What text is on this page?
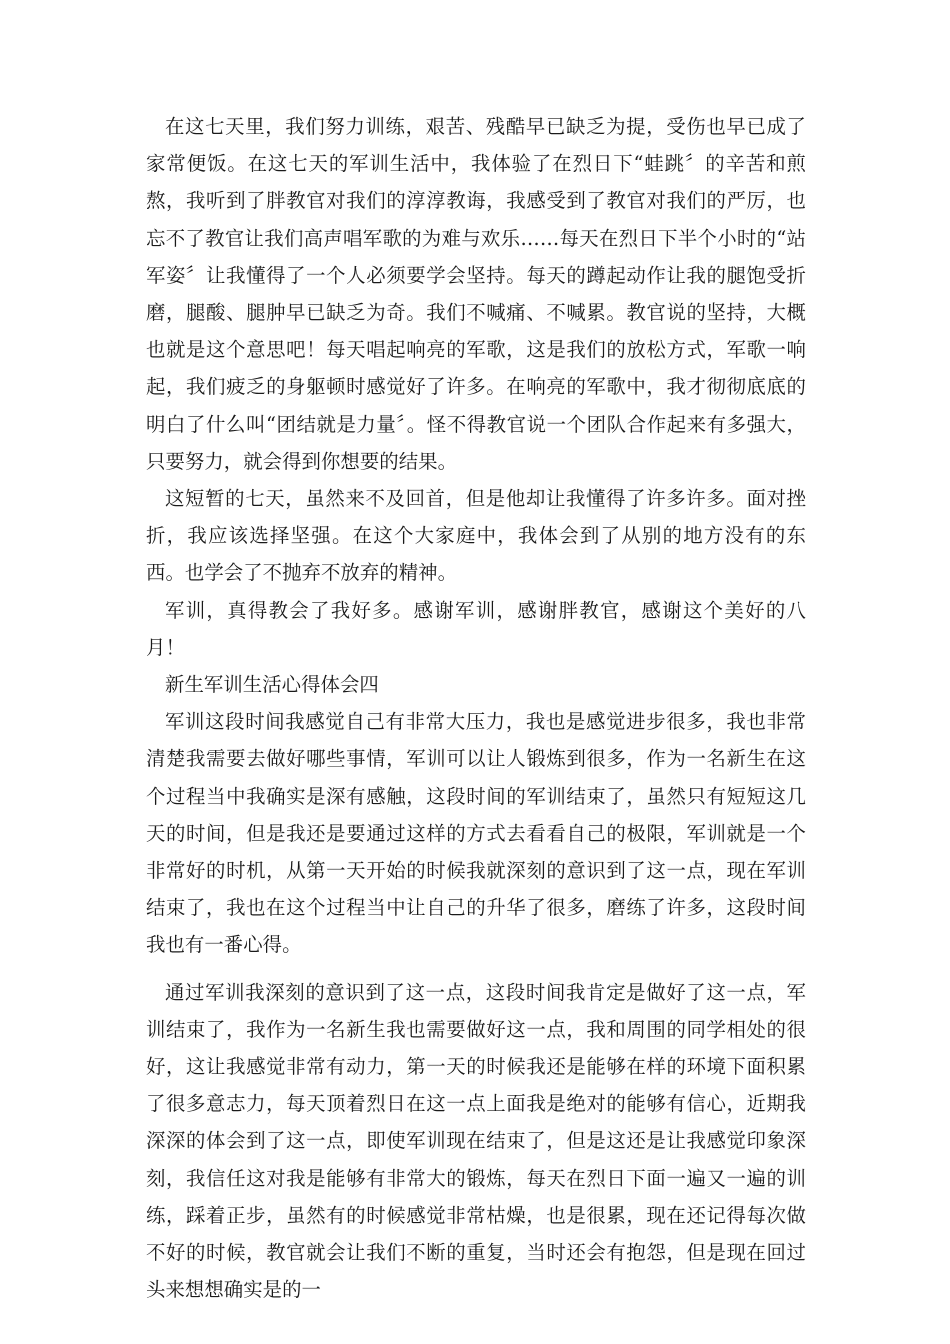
在这七天里，我们努力训练，艰苦、残酷早已缺乏为提，受伤也早已成了家常便饭。在这七天的军训生活中，我体验了在烈日下“蛙跳〞的辛苦和煎熬，我听到了胖教官对我们的淳淳教诲，我感受到了教官对我们的严厉，也忘不了教官让我们高声唱军歌的为难与欢乐……每天在烈日下半个小时的“站军姿〞让我懂得了一个人必须要学会坚持。每天的蹲起动作让我的腿饱受折磨，腿酸、腿肿早已缺乏为奇。我们不喊痛、不喊累。教官说的坚持，大概也就是这个意思吧！每天唱起响亮的军歌，这是我们的放松方式，军歌一响起，我们疲乏的身躯顿时感觉好了许多。在响亮的军歌中，我才彻彻底底的明白了什么叫“团结就是力量〞。怪不得教官说一个团队合作起来有多强大，只要努力，就会得到你想要的结果。

这短暂的七天，虽然来不及回首，但是他却让我懂得了许多许多。面对挫折，我应该选择坚强。在这个大家庭中，我体会到了从别的地方没有的东西。也学会了不抛弃不放弃的精神。

军训，真得教会了我好多。感谢军训，感谢胖教官，感谢这个美好的八月！

新生军训生活心得体会四

军训这段时间我感觉自己有非常大压力，我也是感觉进步很多，我也非常清楚我需要去做好哪些事情，军训可以让人锻炼到很多，作为一名新生在这个过程当中我确实是深有感触，这段时间的军训结束了，虽然只有短短这几天的时间，但是我还是要通过这样的方式去看看自己的极限，军训就是一个非常好的时机，从第一天开始的时候我就深刻的意识到了这一点，现在军训结束了，我也在这个过程当中让自己的升华了很多，磨练了许多，这段时间我也有一番心得。

通过军训我深刻的意识到了这一点，这段时间我肯定是做好了这一点，军训结束了，我作为一名新生我也需要做好这一点，我和周围的同学相处的很好，这让我感觉非常有动力，第一天的时候我还是能够在样的环境下面积累了很多意志力，每天顶着烈日在这一点上面我是绝对的能够有信心，近期我深深的体会到了这一点，即使军训现在结束了，但是这还是让我感觉印象深刻，我信任这对我是能够有非常大的锻炼，每天在烈日下面一遍又一遍的训练，踩着正步，虽然有的时候感觉非常枯燥，也是很累，现在还记得每次做不好的时候，教官就会让我们不断的重复，当时还会有抱怨，但是现在回过头来想想确实是的一
